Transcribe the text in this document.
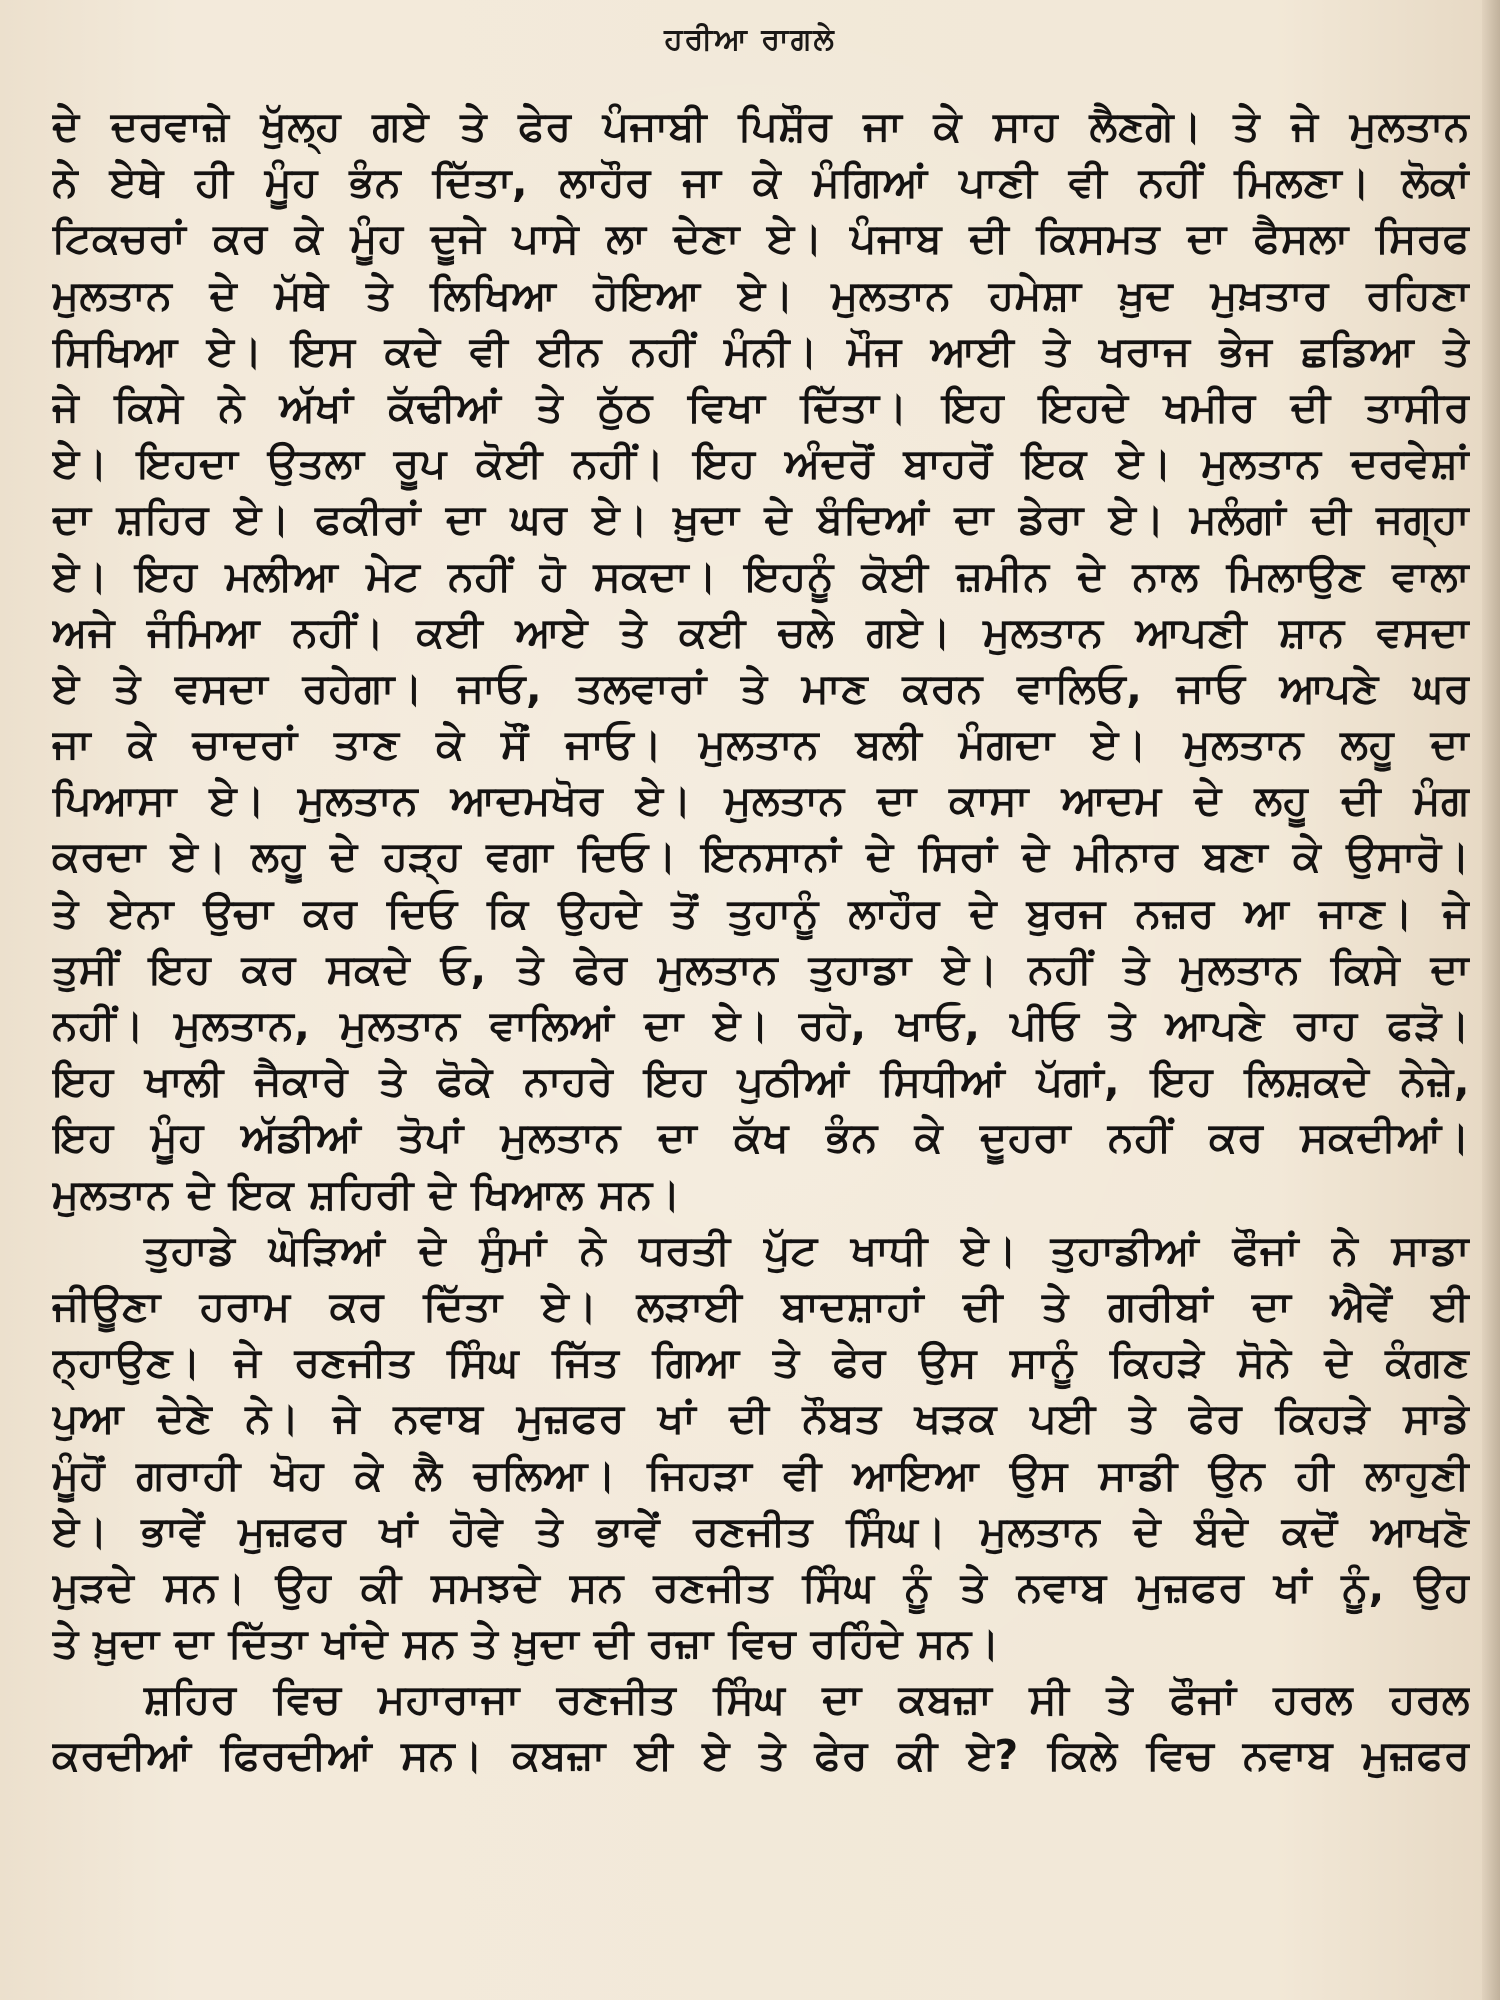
ਹਰੀਆ ਰਾਗਲੇ
ਦੇ ਦਰਵਾਜ਼ੇ ਖੁੱਲ੍ਹ ਗਏ ਤੇ ਫੇਰ ਪੰਜਾਬੀ ਪਿਸ਼ੌਰ ਜਾ ਕੇ ਸਾਹ ਲੈਣਗੇ। ਤੇ ਜੇ ਮੁਲਤਾਨ
ਨੇ ਏਥੇ ਹੀ ਮੂੰਹ ਭੰਨ ਦਿੱਤਾ, ਲਾਹੌਰ ਜਾ ਕੇ ਮੰਗਿਆਂ ਪਾਣੀ ਵੀ ਨਹੀਂ ਮਿਲਣਾ। ਲੋਕਾਂ
ਟਿਕਚਰਾਂ ਕਰ ਕੇ ਮੂੰਹ ਦੂਜੇ ਪਾਸੇ ਲਾ ਦੇਣਾ ਏ। ਪੰਜਾਬ ਦੀ ਕਿਸਮਤ ਦਾ ਫੈਸਲਾ ਸਿਰਫ
ਮੁਲਤਾਨ ਦੇ ਮੱਥੇ ਤੇ ਲਿਖਿਆ ਹੋਇਆ ਏ। ਮੁਲਤਾਨ ਹਮੇਸ਼ਾ ਖ਼ੁਦ ਮੁਖ਼ਤਾਰ ਰਹਿਣਾ
ਸਿਖਿਆ ਏ। ਇਸ ਕਦੇ ਵੀ ਈਨ ਨਹੀਂ ਮੰਨੀ। ਮੌਜ ਆਈ ਤੇ ਖਰਾਜ ਭੇਜ ਛਡਿਆ ਤੇ
ਜੇ ਕਿਸੇ ਨੇ ਅੱਖਾਂ ਕੱਢੀਆਂ ਤੇ ਠੁੱਠ ਵਿਖਾ ਦਿੱਤਾ। ਇਹ ਇਹਦੇ ਖਮੀਰ ਦੀ ਤਾਸੀਰ
ਏ। ਇਹਦਾ ਉਤਲਾ ਰੂਪ ਕੋਈ ਨਹੀਂ। ਇਹ ਅੰਦਰੋਂ ਬਾਹਰੋਂ ਇਕ ਏ। ਮੁਲਤਾਨ ਦਰਵੇਸ਼ਾਂ
ਦਾ ਸ਼ਹਿਰ ਏ। ਫਕੀਰਾਂ ਦਾ ਘਰ ਏ। ਖ਼ੁਦਾ ਦੇ ਬੰਦਿਆਂ ਦਾ ਡੇਰਾ ਏ। ਮਲੰਗਾਂ ਦੀ ਜਗ੍ਹਾ
ਏ। ਇਹ ਮਲੀਆ ਮੇਟ ਨਹੀਂ ਹੋ ਸਕਦਾ। ਇਹਨੂੰ ਕੋਈ ਜ਼ਮੀਨ ਦੇ ਨਾਲ ਮਿਲਾਉਣ ਵਾਲਾ
ਅਜੇ ਜੰਮਿਆ ਨਹੀਂ। ਕਈ ਆਏ ਤੇ ਕਈ ਚਲੇ ਗਏ। ਮੁਲਤਾਨ ਆਪਣੀ ਸ਼ਾਨ ਵਸਦਾ
ਏ ਤੇ ਵਸਦਾ ਰਹੇਗਾ। ਜਾਓ, ਤਲਵਾਰਾਂ ਤੇ ਮਾਣ ਕਰਨ ਵਾਲਿਓ, ਜਾਓ ਆਪਣੇ ਘਰ
ਜਾ ਕੇ ਚਾਦਰਾਂ ਤਾਣ ਕੇ ਸੌਂ ਜਾਓ। ਮੁਲਤਾਨ ਬਲੀ ਮੰਗਦਾ ਏ। ਮੁਲਤਾਨ ਲਹੂ ਦਾ
ਪਿਆਸਾ ਏ। ਮੁਲਤਾਨ ਆਦਮਖੋਰ ਏ। ਮੁਲਤਾਨ ਦਾ ਕਾਸਾ ਆਦਮ ਦੇ ਲਹੂ ਦੀ ਮੰਗ
ਕਰਦਾ ਏ। ਲਹੂ ਦੇ ਹੜ੍ਹ ਵਗਾ ਦਿਓ। ਇਨਸਾਨਾਂ ਦੇ ਸਿਰਾਂ ਦੇ ਮੀਨਾਰ ਬਣਾ ਕੇ ਉਸਾਰੋ।
ਤੇ ਏਨਾ ਉਚਾ ਕਰ ਦਿਓ ਕਿ ਉਹਦੇ ਤੋਂ ਤੁਹਾਨੂੰ ਲਾਹੌਰ ਦੇ ਬੁਰਜ ਨਜ਼ਰ ਆ ਜਾਣ। ਜੇ
ਤੁਸੀਂ ਇਹ ਕਰ ਸਕਦੇ ਓ, ਤੇ ਫੇਰ ਮੁਲਤਾਨ ਤੁਹਾਡਾ ਏ। ਨਹੀਂ ਤੇ ਮੁਲਤਾਨ ਕਿਸੇ ਦਾ
ਨਹੀਂ। ਮੁਲਤਾਨ, ਮੁਲਤਾਨ ਵਾਲਿਆਂ ਦਾ ਏ। ਰਹੋ, ਖਾਓ, ਪੀਓ ਤੇ ਆਪਣੇ ਰਾਹ ਫੜੋ।
ਇਹ ਖਾਲੀ ਜੈਕਾਰੇ ਤੇ ਫੋਕੇ ਨਾਹਰੇ ਇਹ ਪੁਠੀਆਂ ਸਿਧੀਆਂ ਪੱਗਾਂ, ਇਹ ਲਿਸ਼ਕਦੇ ਨੇਜ਼ੇ,
ਇਹ ਮੂੰਹ ਅੱਡੀਆਂ ਤੋਪਾਂ ਮੁਲਤਾਨ ਦਾ ਕੱਖ ਭੰਨ ਕੇ ਦੂਹਰਾ ਨਹੀਂ ਕਰ ਸਕਦੀਆਂ।
ਮੁਲਤਾਨ ਦੇ ਇਕ ਸ਼ਹਿਰੀ ਦੇ ਖਿਆਲ ਸਨ।
ਤੁਹਾਡੇ ਘੋੜਿਆਂ ਦੇ ਸੁੰਮਾਂ ਨੇ ਧਰਤੀ ਪੁੱਟ ਖਾਧੀ ਏ। ਤੁਹਾਡੀਆਂ ਫੌਜਾਂ ਨੇ ਸਾਡਾ
ਜੀਊਣਾ ਹਰਾਮ ਕਰ ਦਿੱਤਾ ਏ। ਲੜਾਈ ਬਾਦਸ਼ਾਹਾਂ ਦੀ ਤੇ ਗਰੀਬਾਂ ਦਾ ਐਵੇਂ ਈ
ਨ੍ਹਾਉਣ। ਜੇ ਰਣਜੀਤ ਸਿੰਘ ਜਿੱਤ ਗਿਆ ਤੇ ਫੇਰ ਉਸ ਸਾਨੂੰ ਕਿਹੜੇ ਸੋਨੇ ਦੇ ਕੰਗਣ
ਪੁਆ ਦੇਣੇ ਨੇ। ਜੇ ਨਵਾਬ ਮੁਜ਼ਫਰ ਖਾਂ ਦੀ ਨੌਬਤ ਖੜਕ ਪਈ ਤੇ ਫੇਰ ਕਿਹੜੇ ਸਾਡੇ
ਮੂੰਹੋਂ ਗਰਾਹੀ ਖੋਹ ਕੇ ਲੈ ਚਲਿਆ। ਜਿਹੜਾ ਵੀ ਆਇਆ ਉਸ ਸਾਡੀ ਉਨ ਹੀ ਲਾਹੁਣੀ
ਏ। ਭਾਵੇਂ ਮੁਜ਼ਫਰ ਖਾਂ ਹੋਵੇ ਤੇ ਭਾਵੇਂ ਰਣਜੀਤ ਸਿੰਘ। ਮੁਲਤਾਨ ਦੇ ਬੰਦੇ ਕਦੋਂ ਆਖਣੋ
ਮੁੜਦੇ ਸਨ। ਉਹ ਕੀ ਸਮਝਦੇ ਸਨ ਰਣਜੀਤ ਸਿੰਘ ਨੂੰ ਤੇ ਨਵਾਬ ਮੁਜ਼ਫਰ ਖਾਂ ਨੂੰ, ਉਹ
ਤੇ ਖ਼ੁਦਾ ਦਾ ਦਿੱਤਾ ਖਾਂਦੇ ਸਨ ਤੇ ਖ਼ੁਦਾ ਦੀ ਰਜ਼ਾ ਵਿਚ ਰਹਿੰਦੇ ਸਨ।
ਸ਼ਹਿਰ ਵਿਚ ਮਹਾਰਾਜਾ ਰਣਜੀਤ ਸਿੰਘ ਦਾ ਕਬਜ਼ਾ ਸੀ ਤੇ ਫੌਜਾਂ ਹਰਲ ਹਰਲ
ਕਰਦੀਆਂ ਫਿਰਦੀਆਂ ਸਨ। ਕਬਜ਼ਾ ਈ ਏ ਤੇ ਫੇਰ ਕੀ ਏ? ਕਿਲੇ ਵਿਚ ਨਵਾਬ ਮੁਜ਼ਫਰ
